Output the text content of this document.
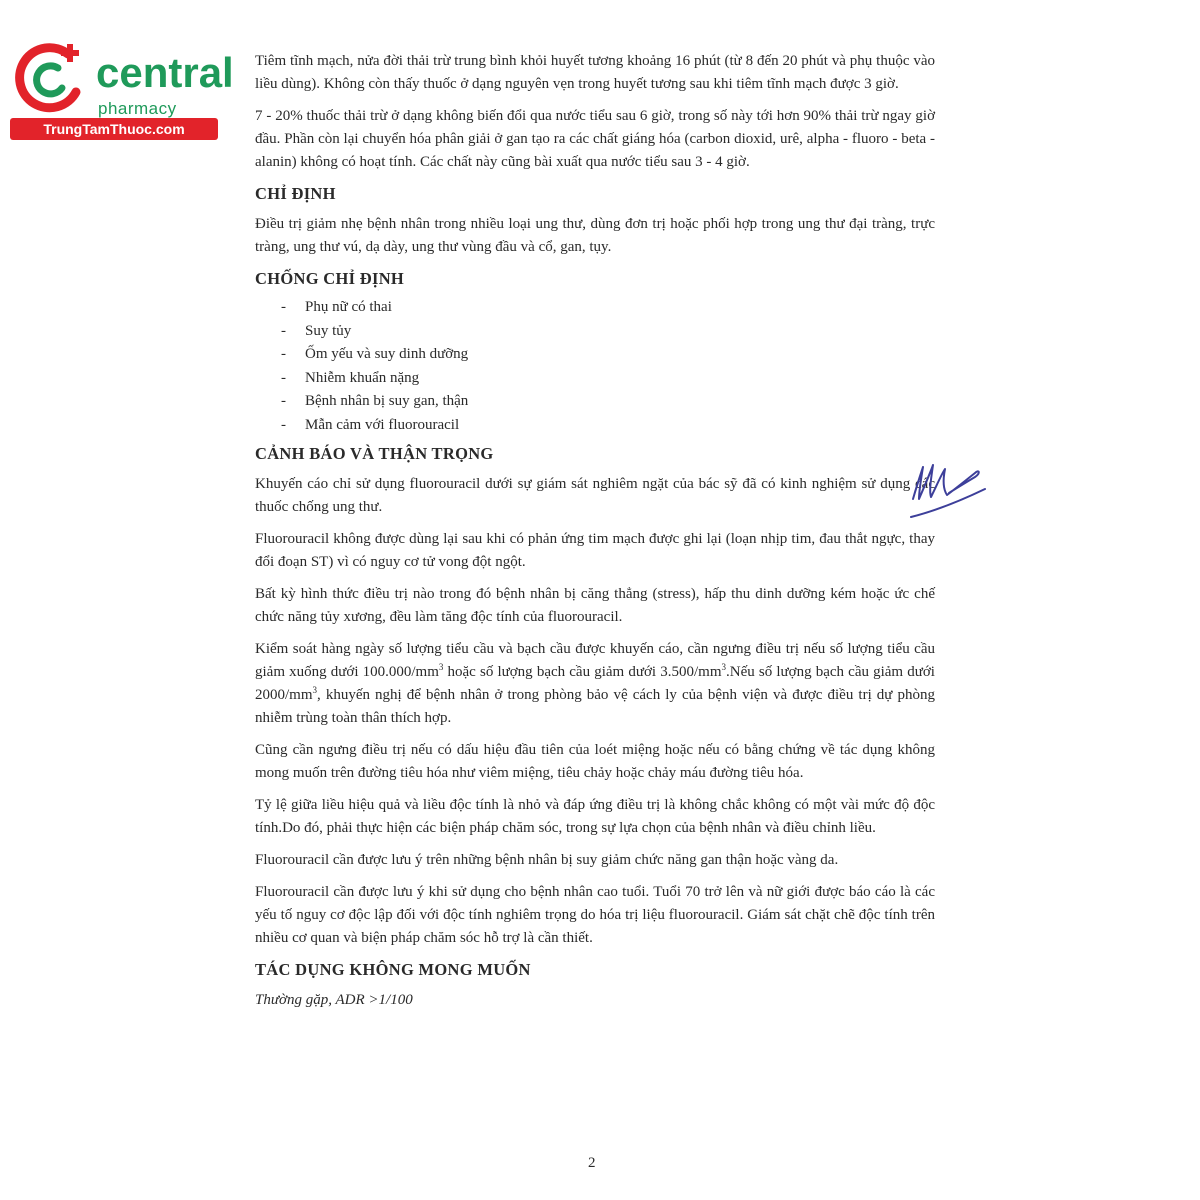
central
pharmacy
TrungTamThuoc.com

Tiêm tĩnh mạch, nửa đời thải trừ trung bình khỏi huyết tương khoảng 16 phút (từ 8 đến 20 phút và phụ thuộc vào liều dùng). Không còn thấy thuốc ở dạng nguyên vẹn trong huyết tương sau khi tiêm tĩnh mạch được 3 giờ.

7 - 20% thuốc thải trừ ở dạng không biến đổi qua nước tiểu sau 6 giờ, trong số này tới hơn 90% thải trừ ngay giờ đầu. Phần còn lại chuyển hóa phân giải ở gan tạo ra các chất giáng hóa (carbon dioxid, urê, alpha - fluoro - beta - alanin) không có hoạt tính. Các chất này cũng bài xuất qua nước tiểu sau 3 - 4 giờ.

CHỈ ĐỊNH

Điều trị giảm nhẹ bệnh nhân trong nhiều loại ung thư, dùng đơn trị hoặc phối hợp trong ung thư đại tràng, trực tràng, ung thư vú, dạ dày, ung thư vùng đầu và cổ, gan, tụy.

CHỐNG CHỈ ĐỊNH
- Phụ nữ có thai
- Suy tủy
- Ốm yếu và suy dinh dưỡng
- Nhiễm khuẩn nặng
- Bệnh nhân bị suy gan, thận
- Mẫn cảm với fluorouracil
CẢNH BÁO VÀ THẬN TRỌNG

Khuyến cáo chỉ sử dụng fluorouracil dưới sự giám sát nghiêm ngặt của bác sỹ đã có kinh nghiệm sử dụng các thuốc chống ung thư.

Fluorouracil không được dùng lại sau khi có phản ứng tim mạch được ghi lại (loạn nhịp tim, đau thắt ngực, thay đổi đoạn ST) vì có nguy cơ tử vong đột ngột.

Bất kỳ hình thức điều trị nào trong đó bệnh nhân bị căng thẳng (stress), hấp thu dinh dưỡng kém hoặc ức chế chức năng tủy xương, đều làm tăng độc tính của fluorouracil.

Kiểm soát hàng ngày số lượng tiểu cầu và bạch cầu được khuyến cáo, cần ngưng điều trị nếu số lượng tiểu cầu giảm xuống dưới $100.000/mm^3$ hoặc số lượng bạch cầu giảm dưới $3.500/mm^3.Nếu$ số lượng bạch cầu giảm dưới $2000/mm^3$, khuyến nghị để bệnh nhân ở trong phòng bảo vệ cách ly của bệnh viện và được điều trị dự phòng nhiễm trùng toàn thân thích hợp.

Cũng cần ngưng điều trị nếu có dấu hiệu đầu tiên của loét miệng hoặc nếu có bằng chứng về tác dụng không mong muốn trên đường tiêu hóa như viêm miệng, tiêu chảy hoặc chảy máu đường tiêu hóa.

Tỷ lệ giữa liều hiệu quả và liều độc tính là nhỏ và đáp ứng điều trị là không chắc không có một vài mức độ độc tính.Do đó, phải thực hiện các biện pháp chăm sóc, trong sự lựa chọn của bệnh nhân và điều chỉnh liều.

Fluorouracil cần được lưu ý trên những bệnh nhân bị suy giảm chức năng gan thận hoặc vàng da.

Fluorouracil cần được lưu ý khi sử dụng cho bệnh nhân cao tuổi. Tuổi 70 trở lên và nữ giới được báo cáo là các yếu tố nguy cơ độc lập đối với độc tính nghiêm trọng do hóa trị liệu fluorouracil. Giám sát chặt chẽ độc tính trên nhiều cơ quan và biện pháp chăm sóc hỗ trợ là cần thiết.

TÁC DỤNG KHÔNG MONG MUỐN

Thường gặp, ADR >1/100

2
